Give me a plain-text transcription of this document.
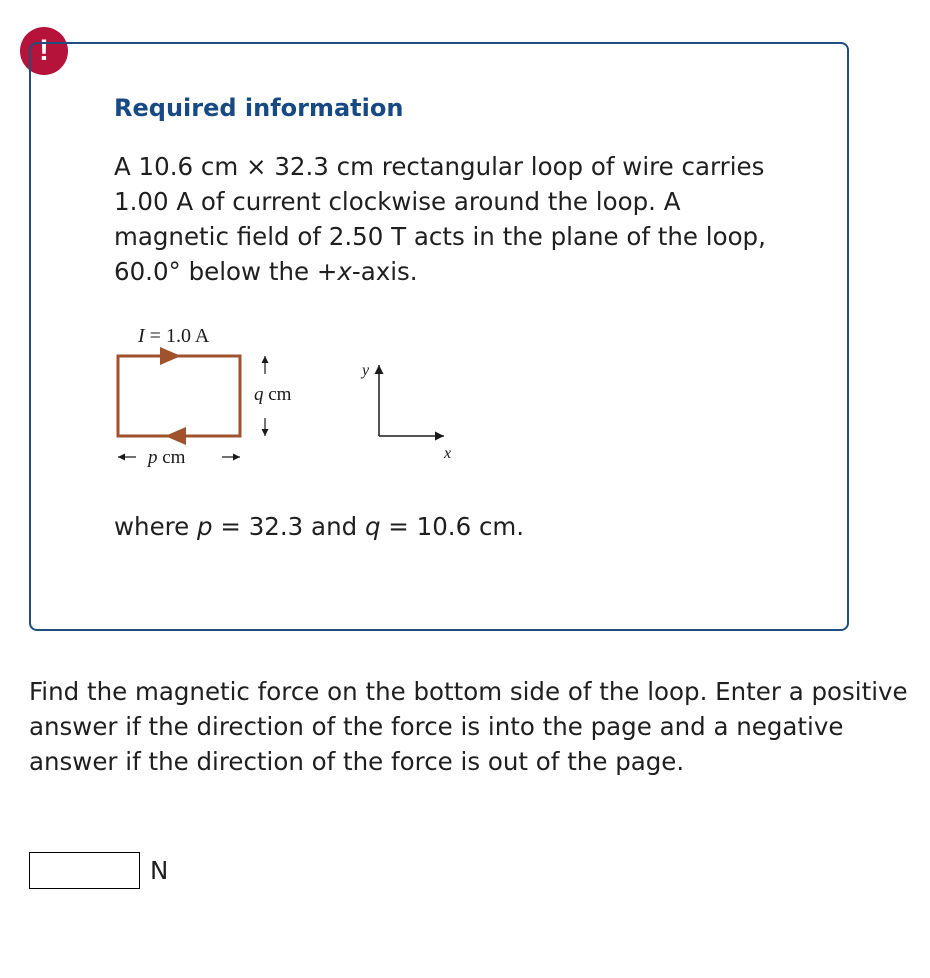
!
Required information

A 10.6 cm × 32.3 cm rectangular loop of wire carries 1.00 A of current clockwise around the loop. A magnetic field of 2.50 T acts in the plane of the loop, 60.0° below the +x-axis.

I = 1.0 A
q cm
p cm
y
x

where p = 32.3 and q = 10.6 cm.

Find the magnetic force on the bottom side of the loop. Enter a positive answer if the direction of the force is into the page and a negative answer if the direction of the force is out of the page.

N
